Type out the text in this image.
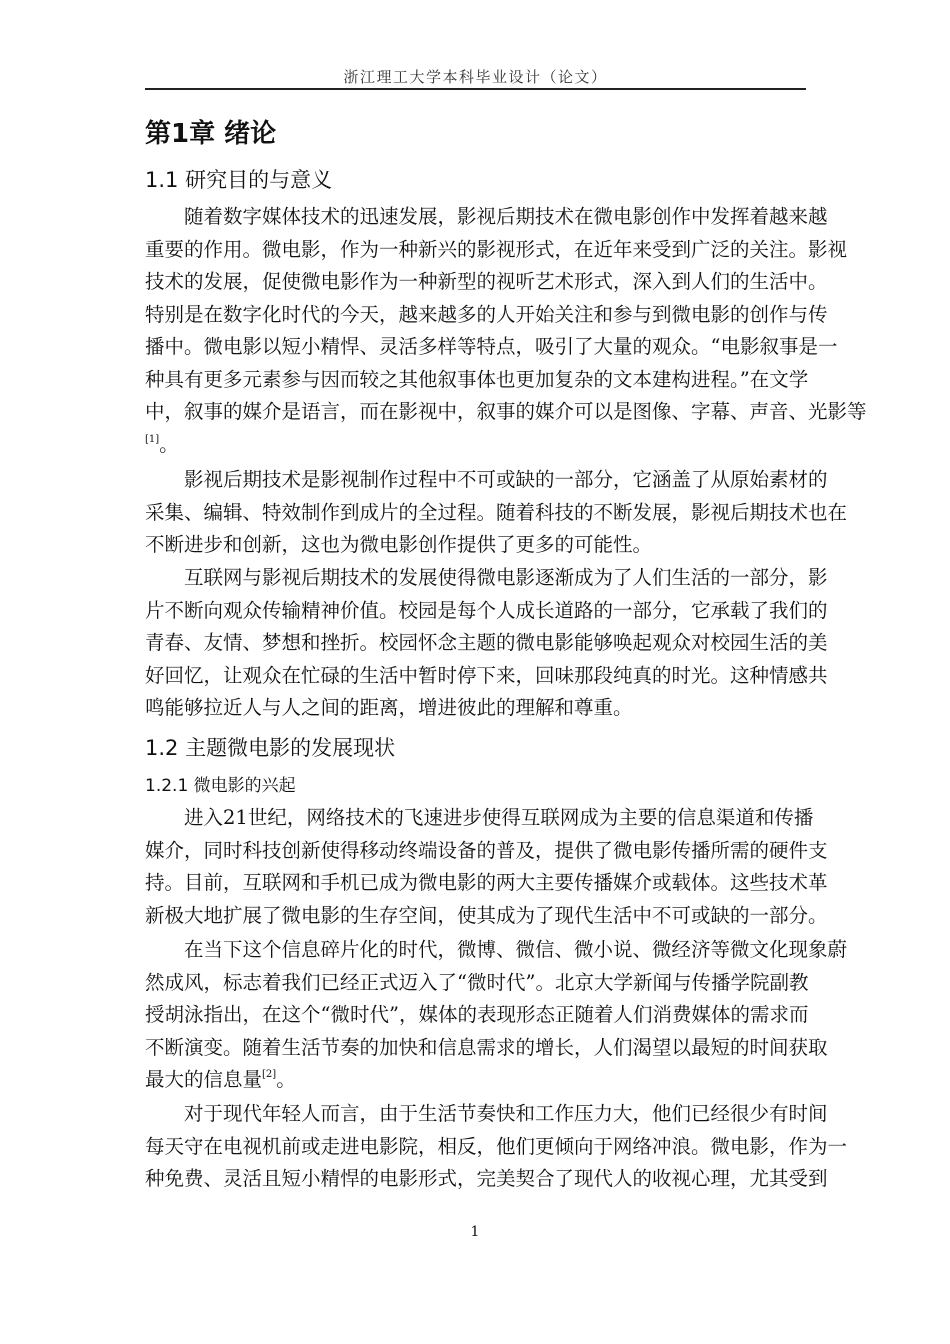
浙江理工大学本科毕业设计（论文）
第1章 绪论
1.1 研究目的与意义
随着数字媒体技术的迅速发展，影视后期技术在微电影创作中发挥着越来越
重要的作用。微电影，作为一种新兴的影视形式，在近年来受到广泛的关注。影视
技术的发展，促使微电影作为一种新型的视听艺术形式，深入到人们的生活中。
特别是在数字化时代的今天，越来越多的人开始关注和参与到微电影的创作与传
播中。微电影以短小精悍、灵活多样等特点，吸引了大量的观众。“电影叙事是一
种具有更多元素参与因而较之其他叙事体也更加复杂的文本建构进程。”在文学
中，叙事的媒介是语言，而在影视中，叙事的媒介可以是图像、字幕、声音、光影等
[1]。
影视后期技术是影视制作过程中不可或缺的一部分，它涵盖了从原始素材的
采集、编辑、特效制作到成片的全过程。随着科技的不断发展，影视后期技术也在
不断进步和创新，这也为微电影创作提供了更多的可能性。
互联网与影视后期技术的发展使得微电影逐渐成为了人们生活的一部分，影
片不断向观众传输精神价值。校园是每个人成长道路的一部分，它承载了我们的
青春、友情、梦想和挫折。校园怀念主题的微电影能够唤起观众对校园生活的美
好回忆，让观众在忙碌的生活中暂时停下来，回味那段纯真的时光。这种情感共
鸣能够拉近人与人之间的距离，增进彼此的理解和尊重。
1.2 主题微电影的发展现状
1.2.1 微电影的兴起
进入21世纪，网络技术的飞速进步使得互联网成为主要的信息渠道和传播
媒介，同时科技创新使得移动终端设备的普及，提供了微电影传播所需的硬件支
持。目前，互联网和手机已成为微电影的两大主要传播媒介或载体。这些技术革
新极大地扩展了微电影的生存空间，使其成为了现代生活中不可或缺的一部分。
在当下这个信息碎片化的时代，微博、微信、微小说、微经济等微文化现象蔚
然成风，标志着我们已经正式迈入了“微时代”。北京大学新闻与传播学院副教
授胡泳指出，在这个“微时代”，媒体的表现形态正随着人们消费媒体的需求而
不断演变。随着生活节奏的加快和信息需求的增长，人们渴望以最短的时间获取
最大的信息量[2]。
对于现代年轻人而言，由于生活节奏快和工作压力大，他们已经很少有时间
每天守在电视机前或走进电影院，相反，他们更倾向于网络冲浪。微电影，作为一
种免费、灵活且短小精悍的电影形式，完美契合了现代人的收视心理，尤其受到
1
